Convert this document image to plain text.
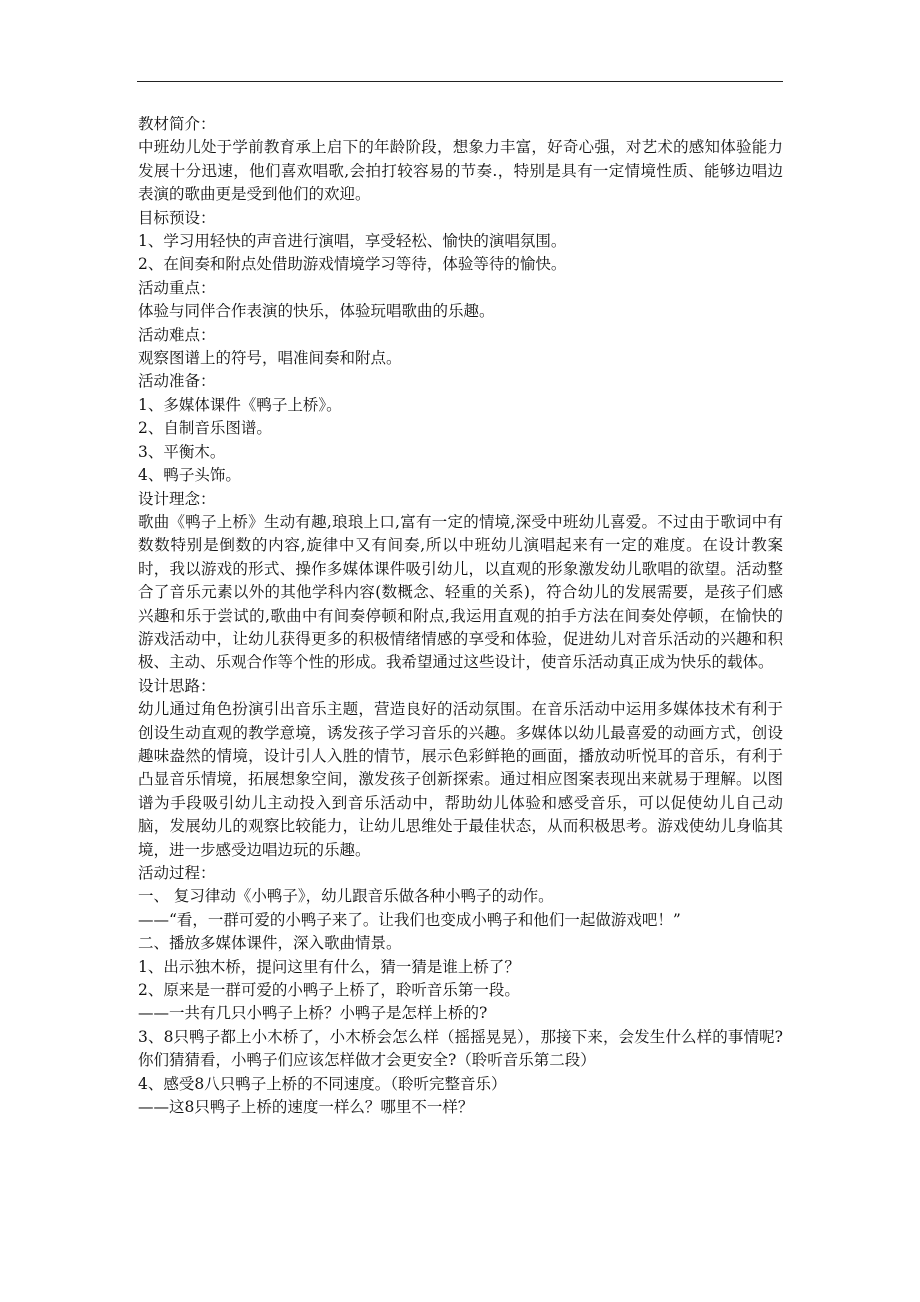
教材简介：

中班幼儿处于学前教育承上启下的年龄阶段，想象力丰富，好奇心强，对艺术的感知体验能力发展十分迅速，他们喜欢唱歌,会拍打较容易的节奏.，特别是具有一定情境性质、能够边唱边表演的歌曲更是受到他们的欢迎。

目标预设：

1、学习用轻快的声音进行演唱，享受轻松、愉快的演唱氛围。

2、在间奏和附点处借助游戏情境学习等待，体验等待的愉快。

活动重点：

体验与同伴合作表演的快乐，体验玩唱歌曲的乐趣。

活动难点：

观察图谱上的符号，唱准间奏和附点。

活动准备：

1、多媒体课件《鸭子上桥》。

2、自制音乐图谱。

3、平衡木。

4、鸭子头饰。

设计理念：

歌曲《鸭子上桥》生动有趣,琅琅上口,富有一定的情境,深受中班幼儿喜爱。不过由于歌词中有数数特别是倒数的内容,旋律中又有间奏,所以中班幼儿演唱起来有一定的难度。在设计教案时，我以游戏的形式、操作多媒体课件吸引幼儿，以直观的形象激发幼儿歌唱的欲望。活动整合了音乐元素以外的其他学科内容(数概念、轻重的关系)，符合幼儿的发展需要，是孩子们感兴趣和乐于尝试的,歌曲中有间奏停顿和附点,我运用直观的拍手方法在间奏处停顿，在愉快的游戏活动中，让幼儿获得更多的积极情绪情感的享受和体验，促进幼儿对音乐活动的兴趣和积极、主动、乐观合作等个性的形成。我希望通过这些设计，使音乐活动真正成为快乐的载体。

设计思路：

幼儿通过角色扮演引出音乐主题，营造良好的活动氛围。在音乐活动中运用多媒体技术有利于创设生动直观的教学意境，诱发孩子学习音乐的兴趣。多媒体以幼儿最喜爱的动画方式，创设趣味盎然的情境，设计引人入胜的情节，展示色彩鲜艳的画面，播放动听悦耳的音乐，有利于凸显音乐情境，拓展想象空间，激发孩子创新探索。通过相应图案表现出来就易于理解。以图谱为手段吸引幼儿主动投入到音乐活动中，帮助幼儿体验和感受音乐，可以促使幼儿自己动脑，发展幼儿的观察比较能力，让幼儿思维处于最佳状态，从而积极思考。游戏使幼儿身临其境，进一步感受边唱边玩的乐趣。

活动过程：

一、 复习律动《小鸭子》，幼儿跟音乐做各种小鸭子的动作。

——“看，一群可爱的小鸭子来了。让我们也变成小鸭子和他们一起做游戏吧！”

二、播放多媒体课件，深入歌曲情景。

1、出示独木桥，提问这里有什么，猜一猜是谁上桥了？

2、原来是一群可爱的小鸭子上桥了，聆听音乐第一段。

——一共有几只小鸭子上桥？小鸭子是怎样上桥的?

3、8只鸭子都上小木桥了，小木桥会怎么样（摇摇晃晃），那接下来，会发生什么样的事情呢?你们猜猜看，小鸭子们应该怎样做才会更安全?（聆听音乐第二段）

4、感受8八只鸭子上桥的不同速度。（聆听完整音乐）

——这8只鸭子上桥的速度一样么？哪里不一样？
